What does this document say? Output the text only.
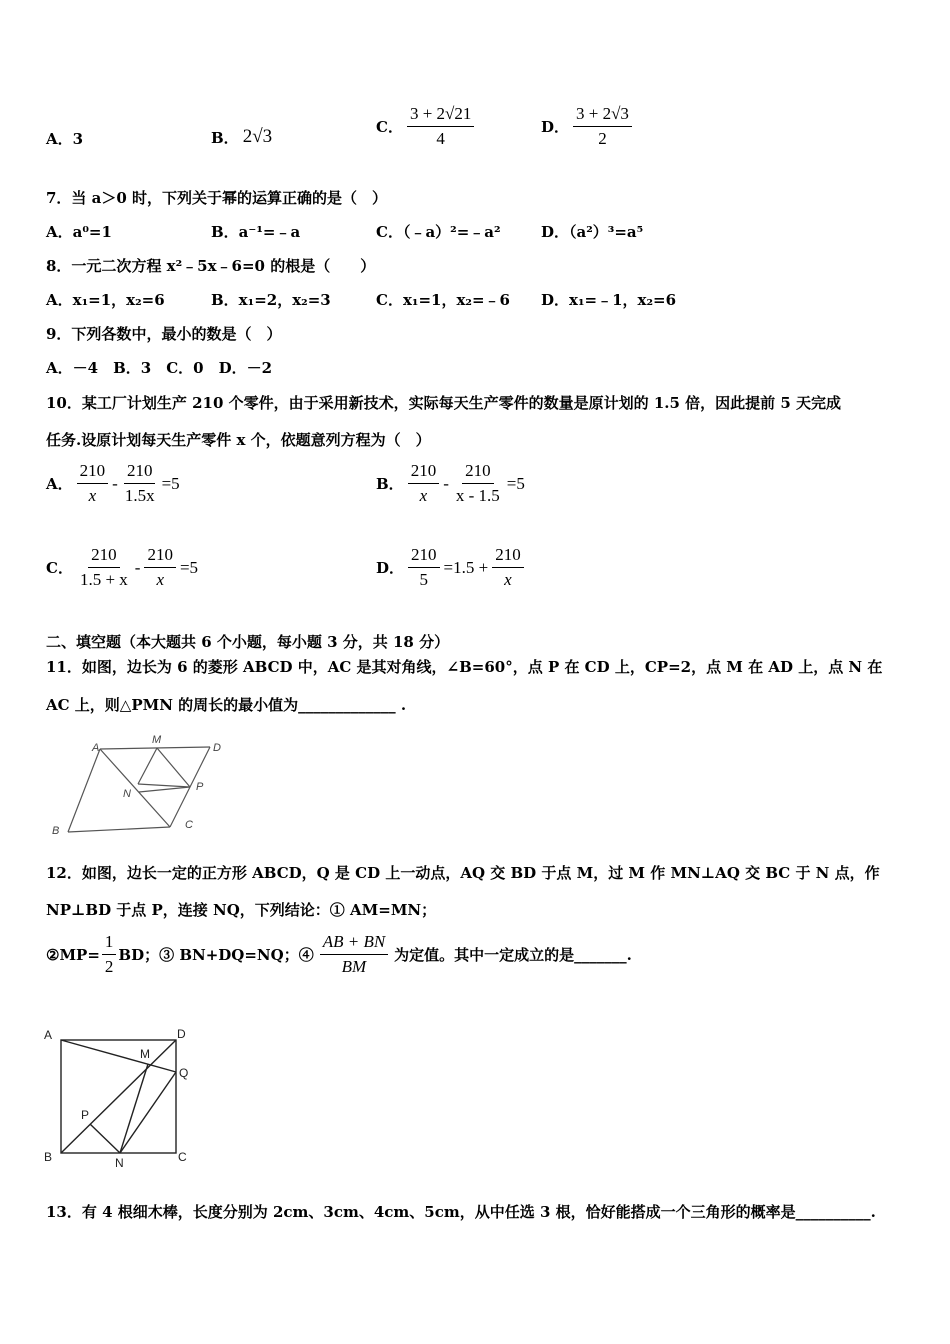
A．3	B． 2√3	C． $\frac{3 + 2√21}{4}$	D． $\frac{3 + 2√3}{2}$
7．当 a＞0 时，下列关于幂的运算正确的是（　）
A．a⁰=1	B．a⁻¹=﹣a	C．（﹣a）²=﹣a²	D．（a²）³=a⁵
8．一元二次方程 x²﹣5x﹣6=0 的根是（　　）
A．x₁=1，x₂=6	B．x₁=2，x₂=3	C．x₁=1，x₂=﹣6 D．x₁=﹣1，x₂=6
9．下列各数中，最小的数是（　）
A．－4　B．3　C．0　D．－2
10．某工厂计划生产 210 个零件，由于采用新技术，实际每天生产零件的数量是原计划的 1.5 倍，因此提前 5 天完成
任务.设原计划每天生产零件 x 个，依题意列方程为（　）
A． $\frac{210}{x} - \frac{210}{1.5x} =5$	B． $\frac{210}{x} - \frac{210}{x - 1.5} =5$
C． $\frac{210}{1.5 + x} - \frac{210}{x} =5$	D． $\frac{210}{5} =1.5 + \frac{210}{x}$
二、填空题（本大题共 6 个小题，每小题 3 分，共 18 分）
11．如图，边长为 6 的菱形 ABCD 中，AC 是其对角线，∠B=60°，点 P 在 CD 上，CP=2，点 M 在 AD 上，点 N 在
AC 上，则△PMN 的周长的最小值为_____________ .
A
M
D
N
P
B	C
12．如图，边长一定的正方形 ABCD，Q 是 CD 上一动点，AQ 交 BD 于点 M，过 M 作 MN⊥AQ 交 BC 于 N 点，作
NP⊥BD 于点 P，连接 NQ，下列结论：① AM=MN；
②MP= $\frac{1}{2}$ BD；③ BN+DQ=NQ；④ $\frac{AB + BN}{BM}$ 为定值。其中一定成立的是_______.
A	D
M
Q
P
B	N	C
13．有 4 根细木棒，长度分别为 2cm、3cm、4cm、5cm，从中任选 3 根，恰好能搭成一个三角形的概率是__________.
